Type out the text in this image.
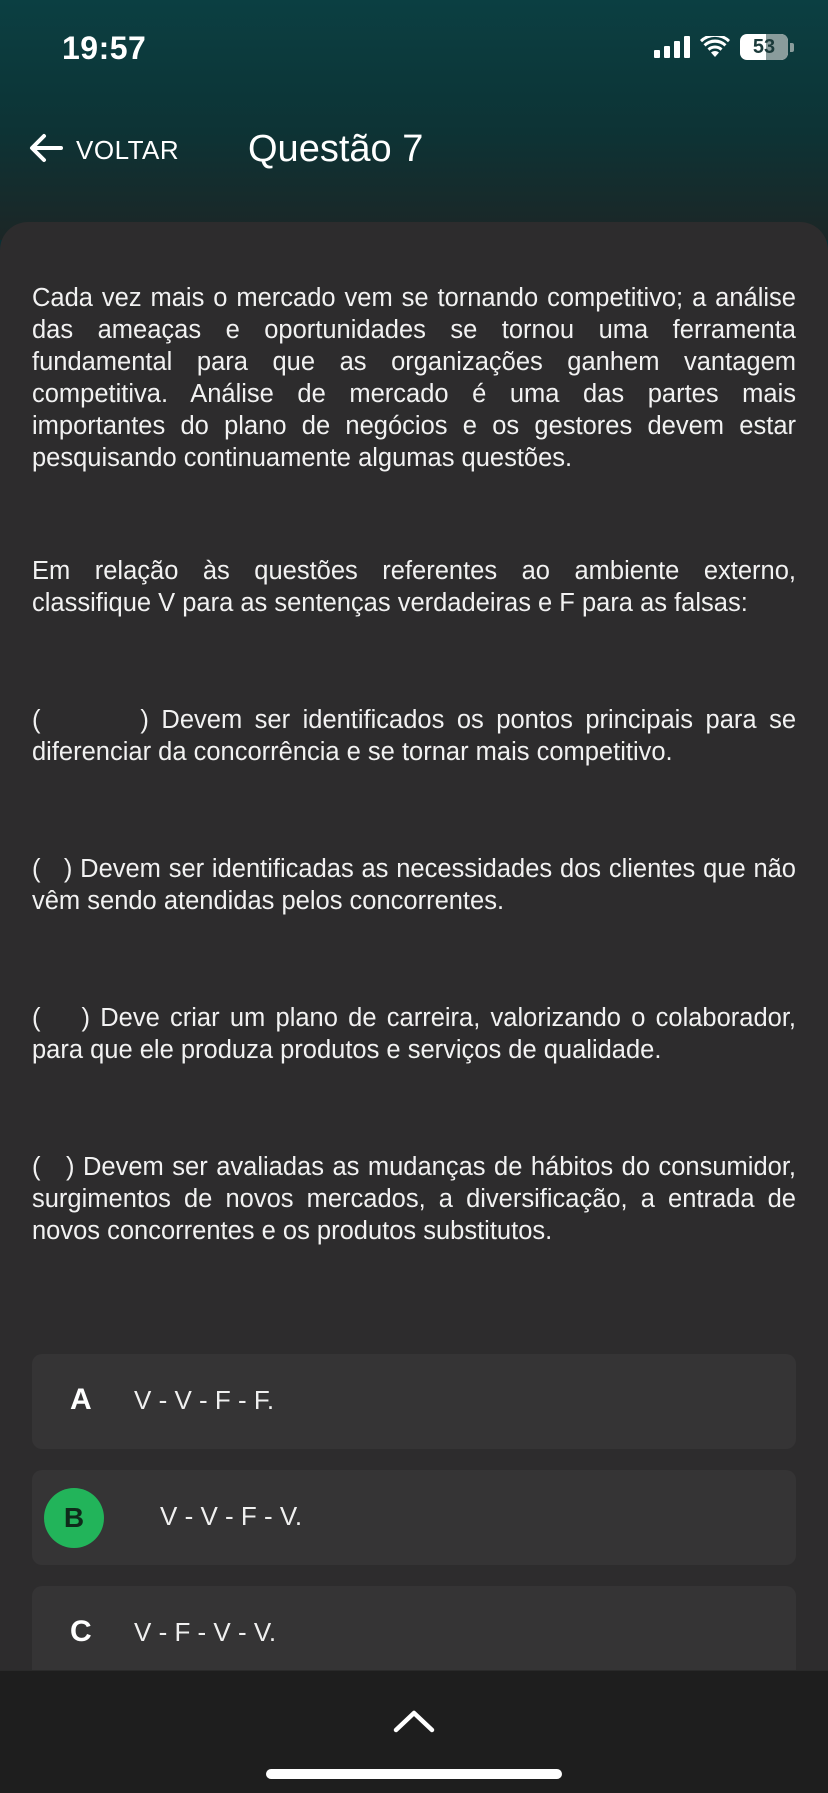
19:57	53
VOLTAR Questão 7
Cada vez mais o mercado vem se tornando competitivo; a análise das ameaças e oportunidades se tornou uma ferramenta fundamental para que as organizações ganhem vantagem competitiva. Análise de mercado é uma das partes mais importantes do plano de negócios e os gestores devem estar pesquisando continuamente algumas questões.
Em relação às questões referentes ao ambiente externo, classifique V para as sentenças verdadeiras e F para as falsas:
(        ) Devem ser identificados os pontos principais para se diferenciar da concorrência e se tornar mais competitivo.
(   ) Devem ser identificadas as necessidades dos clientes que não vêm sendo atendidas pelos concorrentes.
(    ) Deve criar um plano de carreira, valorizando o colaborador, para que ele produza produtos e serviços de qualidade.
(   ) Devem ser avaliadas as mudanças de hábitos do consumidor, surgimentos de novos mercados, a diversificação, a entrada de novos concorrentes e os produtos substitutos.
A	V - V - F - F.
B	V - V - F - V.
C	V - F - V - V.
